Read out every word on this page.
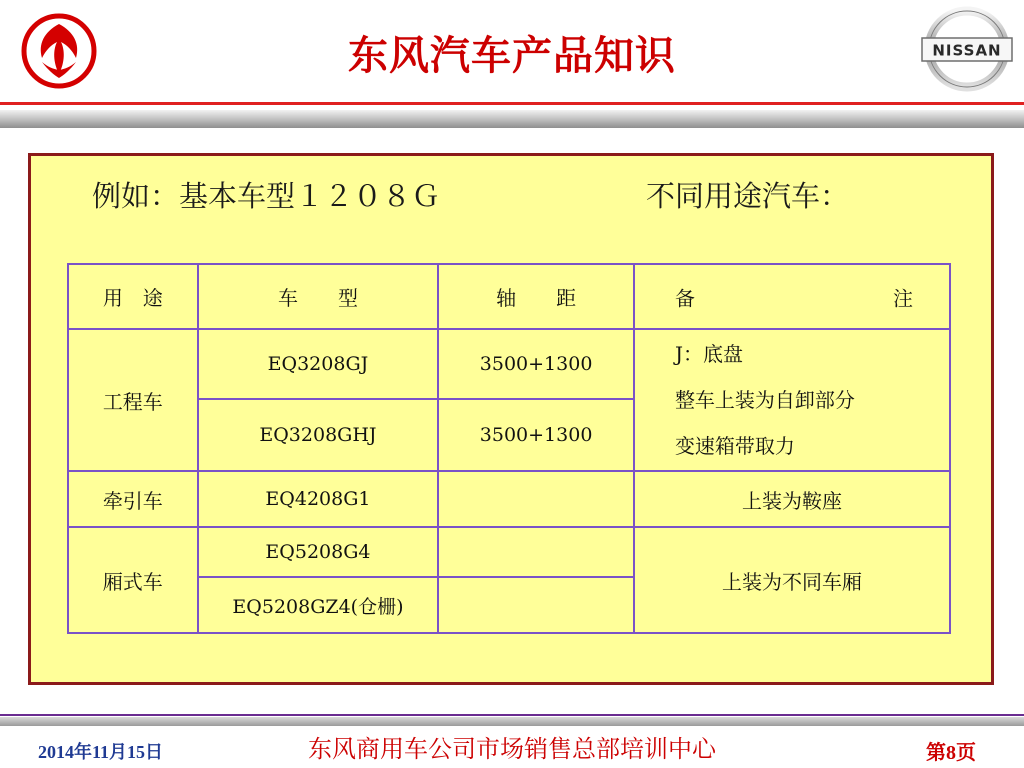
东风汽车产品知识	NISSAN
例如：基本车型１２０８Ｇ	不同用途汽车：
用　途	车　　型	轴　　距	备 注

工程车	EQ3208GJ	3500+1300	J：底盘
整车上装为自卸部分
变速箱带取力

	EQ3208GHJ	3500+1300	
牵引车	EQ4208G1		上装为鞍座
厢式车	EQ5208G4		上装为不同车厢
	EQ5208GZ4(仓栅)		
2014年11月15日	东风商用车公司市场销售总部培训中心	第8页
